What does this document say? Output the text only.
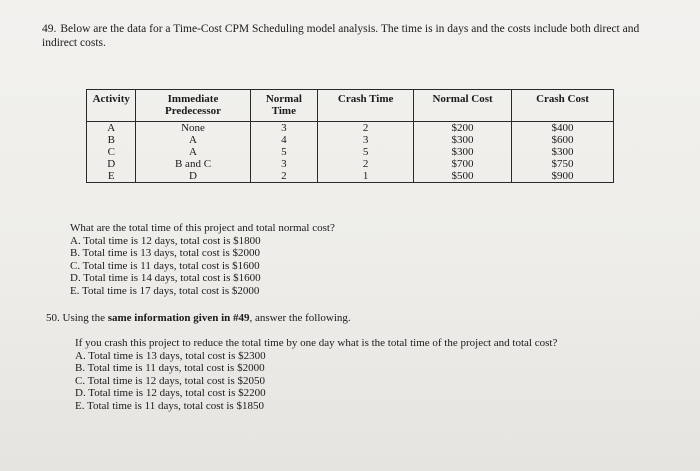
49. Below are the data for a Time-Cost CPM Scheduling model analysis. The time is in days and the costs include both direct and indirect costs.
Activity	Immediate Predecessor	Normal Time	Crash Time	Normal Cost	Crash Cost
A	None	3	2	$200	$400
B	A	4	3	$300	$600
C	A	5	5	$300	$300
D	B and C	3	2	$700	$750
E	D	2	1	$500	$900
What are the total time of this project and total normal cost?
A. Total time is 12 days, total cost is $1800
B. Total time is 13 days, total cost is $2000
C. Total time is 11 days, total cost is $1600
D. Total time is 14 days, total cost is $1600
E. Total time is 17 days, total cost is $2000
50. Using the same information given in #49, answer the following.
If you crash this project to reduce the total time by one day what is the total time of the project and total cost?
A. Total time is 13 days, total cost is $2300
B. Total time is 11 days, total cost is $2000
C. Total time is 12 days, total cost is $2050
D. Total time is 12 days, total cost is $2200
E. Total time is 11 days, total cost is $1850
